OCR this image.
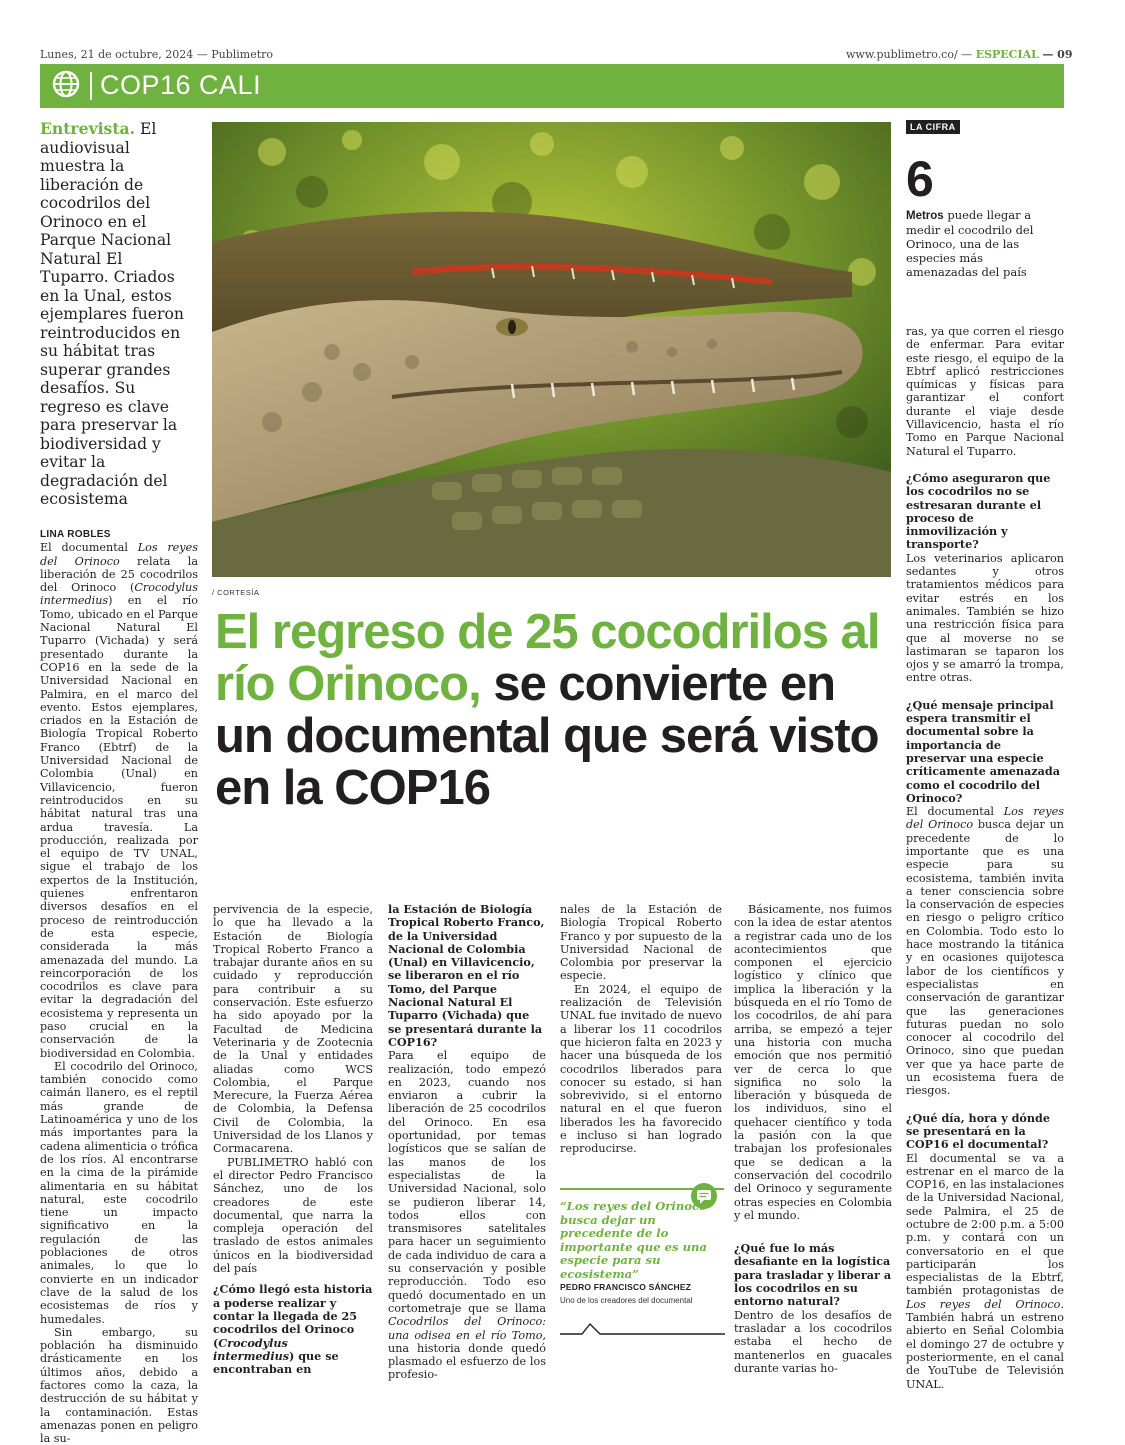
Lunes, 21 de octubre, 2024 — Publimetro	www.publimetro.co/ — ESPECIAL — 09
COP16 CALI
Entrevista. El audiovisual muestra la liberación de cocodrilos del Orinoco en el Parque Nacional Natural El Tuparro. Criados en la Unal, estos ejemplares fueron reintroducidos en su hábitat tras superar grandes desafíos. Su regreso es clave para preservar la biodiversidad y evitar la degradación del ecosistema
/ CORTESÍA
El regreso de 25 cocodrilos al río Orinoco, se convierte en un documental que será visto en la COP16
LA CIFRA
6
Metros puede llegar a medir el cocodrilo del Orinoco, una de las especies más amenazadas del país

LINA ROBLES

El documental Los reyes del Orinoco relata la liberación de 25 cocodrilos del Orinoco (Crocodylus intermedius) en el río Tomo, ubicado en el Parque Nacional Natural El Tuparro (Vichada) y será presentado durante la COP16 en la sede de la Universidad Nacional en Palmira, en el marco del evento. Estos ejemplares, criados en la Estación de Biología Tropical Roberto Franco (Ebtrf) de la Universidad Nacional de Colombia (Unal) en Villavicencio, fueron reintroducidos en su hábitat natural tras una ardua travesía. La producción, realizada por el equipo de TV UNAL, sigue el trabajo de los expertos de la Institución, quienes enfrentaron diversos desafíos en el proceso de reintroducción de esta especie, considerada la más amenazada del mundo. La reincorporación de los cocodrilos es clave para evitar la degradación del ecosistema y representa un paso crucial en la conservación de la biodiversidad en Colombia.

El cocodrilo del Orinoco, también conocido como caimán llanero, es el reptil más grande de Latinoamérica y uno de los más importantes para la cadena alimenticia o trófica de los ríos. Al encontrarse en la cima de la pirámide alimentaria en su hábitat natural, este cocodrilo tiene un impacto significativo en la regulación de las poblaciones de otros animales, lo que lo convierte en un indicador clave de la salud de los ecosistemas de ríos y humedales.

Sin embargo, su población ha disminuido drásticamente en los últimos años, debido a factores como la caza, la destrucción de su hábitat y la contaminación. Estas amenazas ponen en peligro la su-

pervivencia de la especie, lo que ha llevado a la Estación de Biología Tropical Roberto Franco a trabajar durante años en su cuidado y reproducción para contribuir a su conservación. Este esfuerzo ha sido apoyado por la Facultad de Medicina Veterinaria y de Zootecnia de la Unal y entidades aliadas como WCS Colombia, el Parque Merecure, la Fuerza Aérea de Colombia, la Defensa Civil de Colombia, la Universidad de los Llanos y Cormacarena.

PUBLIMETRO habló con el director Pedro Francisco Sánchez, uno de los creadores de este documental, que narra la compleja operación del traslado de estos animales únicos en la biodiversidad del país

¿Cómo llegó esta historia a poderse realizar y contar la llegada de 25 cocodrilos del Orinoco (Crocodylus intermedius) que se encontraban en

la Estación de Biología Tropical Roberto Franco, de la Universidad Nacional de Colombia (Unal) en Villavicencio, se liberaron en el río Tomo, del Parque Nacional Natural El Tuparro (Vichada) que se presentará durante la COP16?

Para el equipo de realización, todo empezó en 2023, cuando nos enviaron a cubrir la liberación de 25 cocodrilos del Orinoco. En esa oportunidad, por temas logísticos que se salían de las manos de los especialistas de la Universidad Nacional, solo se pudieron liberar 14, todos ellos con transmisores satelitales para hacer un seguimiento de cada individuo de cara a su conservación y posible reproducción. Todo eso quedó documentado en un cortometraje que se llama Cocodrilos del Orinoco: una odisea en el río Tomo, una historia donde quedó plasmado el esfuerzo de los profesio-

nales de la Estación de Biología Tropical Roberto Franco y por supuesto de la Universidad Nacional de Colombia por preservar la especie.

En 2024, el equipo de realización de Televisión UNAL fue invitado de nuevo a liberar los 11 cocodrilos que hicieron falta en 2023 y hacer una búsqueda de los cocodrilos liberados para conocer su estado, si han sobrevivido, si el entorno natural en el que fueron liberados les ha favorecido e incluso si han logrado reproducirse.

“Los reyes del Orinoco busca dejar un precedente de lo importante que es una especie para su ecosistema”
PEDRO FRANCISCO SÁNCHEZ
Uno de los creadores del documental

Básicamente, nos fuimos con la idea de estar atentos a registrar cada uno de los acontecimientos que componen el ejercicio logístico y clínico que implica la liberación y la búsqueda en el río Tomo de los cocodrilos, de ahí para arriba, se empezó a tejer una historia con mucha emoción que nos permitió ver de cerca lo que significa no solo la liberación y búsqueda de los individuos, sino el quehacer científico y toda la pasión con la que trabajan los profesionales que se dedican a la conservación del cocodrilo del Orinoco y seguramente otras especies en Colombia y el mundo.

¿Qué fue lo más desafiante en la logística para trasladar y liberar a los cocodrilos en su entorno natural?

Dentro de los desafíos de trasladar a los cocodrilos estaba el hecho de mantenerlos en guacales durante varias ho-

ras, ya que corren el riesgo de enfermar. Para evitar este riesgo, el equipo de la Ebtrf aplicó restricciones químicas y físicas para garantizar el confort durante el viaje desde Villavicencio, hasta el río Tomo en Parque Nacional Natural el Tuparro.

¿Cómo aseguraron que los cocodrilos no se estresaran durante el proceso de inmovilización y transporte?

Los veterinarios aplicaron sedantes y otros tratamientos médicos para evitar estrés en los animales. También se hizo una restricción física para que al moverse no se lastimaran se taparon los ojos y se amarró la trompa, entre otras.

¿Qué mensaje principal espera transmitir el documental sobre la importancia de preservar una especie críticamente amenazada como el cocodrilo del Orinoco?

El documental Los reyes del Orinoco busca dejar un precedente de lo importante que es una especie para su ecosistema, también invita a tener consciencia sobre la conservación de especies en riesgo o peligro crítico en Colombia. Todo esto lo hace mostrando la titánica y en ocasiones quijotesca labor de los científicos y especialistas en conservación de garantizar que las generaciones futuras puedan no solo conocer al cocodrilo del Orinoco, sino que puedan ver que ya hace parte de un ecosistema fuera de riesgos.

¿Qué día, hora y dónde se presentará en la COP16 el documental?

El documental se va a estrenar en el marco de la COP16, en las instalaciones de la Universidad Nacional, sede Palmira, el 25 de octubre de 2:00 p.m. a 5:00 p.m. y contará con un conversatorio en el que participarán los especialistas de la Ebtrf, también protagonistas de Los reyes del Orinoco. También habrá un estreno abierto en Señal Colombia el domingo 27 de octubre y posteriormente, en el canal de YouTube de Televisión UNAL.
